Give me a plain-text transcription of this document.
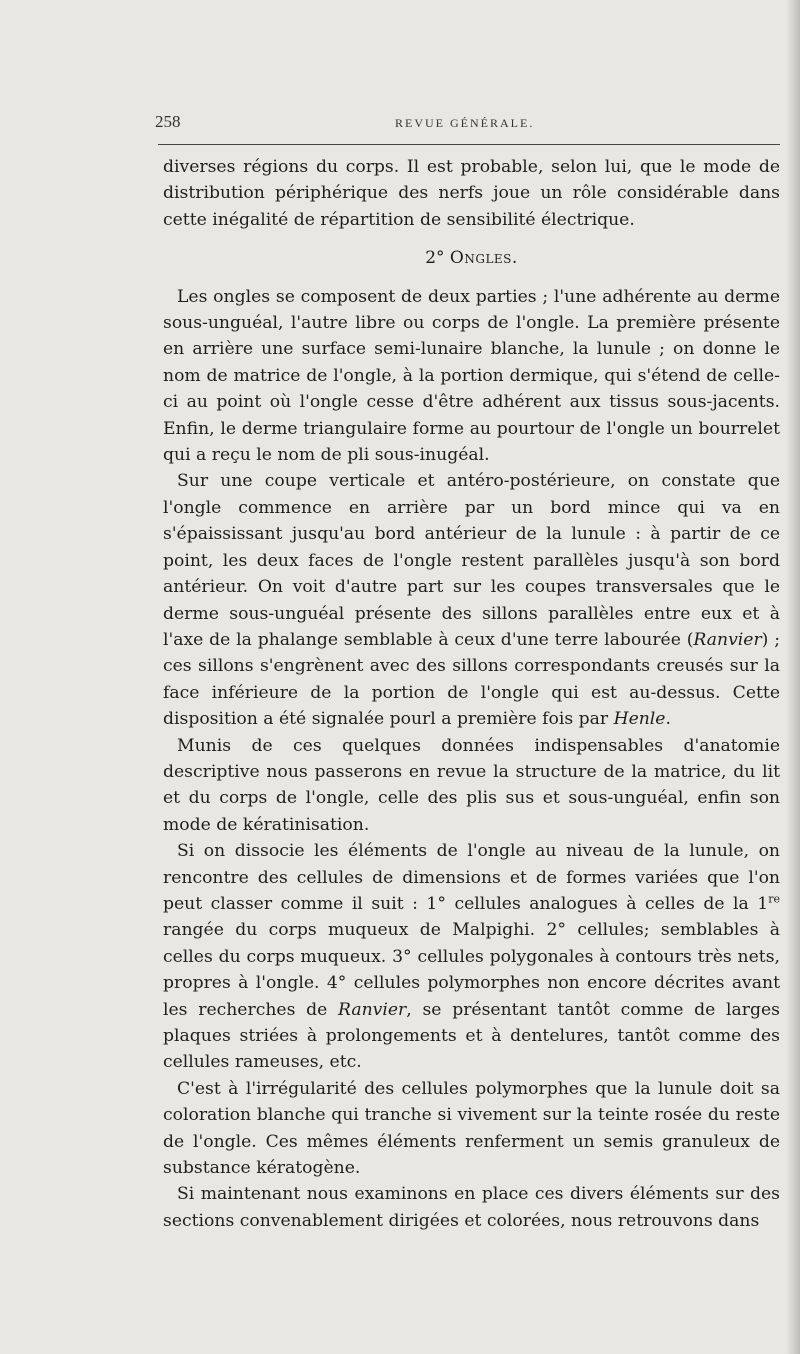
258	REVUE GÉNÉRALE.

diverses régions du corps. Il est probable, selon lui, que le mode de distribution périphérique des nerfs joue un rôle considérable dans cette inégalité de répartition de sensibilité électrique.

2° Ongles.

Les ongles se composent de deux parties ; l'une adhérente au derme sous-unguéal, l'autre libre ou corps de l'ongle. La première présente en arrière une surface semi-lunaire blanche, la lunule ; on donne le nom de matrice de l'ongle, à la portion dermique, qui s'étend de celle-ci au point où l'ongle cesse d'être adhérent aux tissus sous-jacents. Enfin, le derme triangulaire forme au pourtour de l'ongle un bourrelet qui a reçu le nom de pli sous-inugéal.

Sur une coupe verticale et antéro-postérieure, on constate que l'ongle commence en arrière par un bord mince qui va en s'épaississant jusqu'au bord antérieur de la lunule : à partir de ce point, les deux faces de l'ongle restent parallèles jusqu'à son bord antérieur. On voit d'autre part sur les coupes transversales que le derme sous-unguéal présente des sillons parallèles entre eux et à l'axe de la phalange semblable à ceux d'une terre labourée (Ranvier) ; ces sillons s'engrènent avec des sillons correspondants creusés sur la face inférieure de la portion de l'ongle qui est au-dessus. Cette disposition a été signalée pourl a première fois par Henle.

Munis de ces quelques données indispensables d'anatomie descriptive nous passerons en revue la structure de la matrice, du lit et du corps de l'ongle, celle des plis sus et sous-unguéal, enfin son mode de kératinisation.

Si on dissocie les éléments de l'ongle au niveau de la lunule, on rencontre des cellules de dimensions et de formes variées que l'on peut classer comme il suit : 1° cellules analogues à celles de la 1re rangée du corps muqueux de Malpighi. 2° cellules; semblables à celles du corps muqueux. 3° cellules polygonales à contours très nets, propres à l'ongle. 4° cellules polymorphes non encore décrites avant les recherches de Ranvier, se présentant tantôt comme de larges plaques striées à prolongements et à dentelures, tantôt comme des cellules rameuses, etc.

C'est à l'irrégularité des cellules polymorphes que la lunule doit sa coloration blanche qui tranche si vivement sur la teinte rosée du reste de l'ongle. Ces mêmes éléments renferment un semis granuleux de substance kératogène.

Si maintenant nous examinons en place ces divers éléments sur des sections convenablement dirigées et colorées, nous retrouvons dans
